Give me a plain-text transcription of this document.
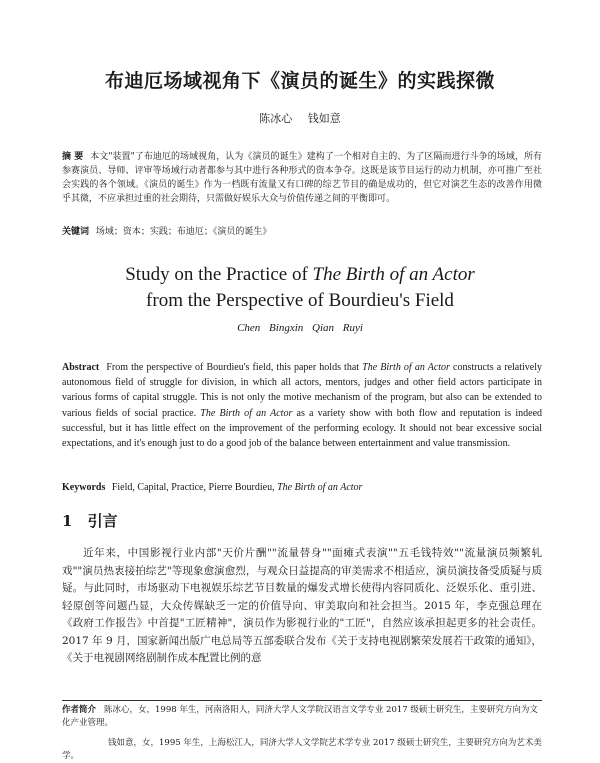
布迪厄场域视角下《演员的诞生》的实践探微
陈冰心 钱如意
摘 要 本文"装置"了布迪厄的场域视角，认为《演员的诞生》建构了一个相对自主的、为了区隔而进行斗争的场域，所有参赛演员、导师、评审等场域行动者都参与其中进行各种形式的资本争夺。这既是该节目运行的动力机制，亦可推广至社会实践的各个领域。《演员的诞生》作为一档既有流量又有口碑的综艺节目的确是成功的，但它对演艺生态的改善作用微乎其微，不应承担过重的社会期待，只需做好娱乐大众与价值传递之间的平衡即可。
关键词 场域；资本；实践；布迪厄；《演员的诞生》
Study on the Practice of The Birth of an Actor
from the Perspective of Bourdieu's Field
Chen Bingxin Qian Ruyi
Abstract From the perspective of Bourdieu's field, this paper holds that The Birth of an Actor constructs a relatively autonomous field of struggle for division, in which all actors, mentors, judges and other field actors participate in various forms of capital struggle. This is not only the motive mechanism of the program, but also can be extended to various fields of social practice. The Birth of an Actor as a variety show with both flow and reputation is indeed successful, but it has little effect on the improvement of the performing ecology. It should not bear excessive social expectations, and it's enough just to do a good job of the balance between entertainment and value transmission.
Keywords Field, Capital, Practice, Pierre Bourdieu, The Birth of an Actor
1 引言
近年来，中国影视行业内部"天价片酬""流量替身""面瘫式表演""五毛钱特效""流量演员频繁轧戏""演员热衷接拍综艺"等现象愈演愈烈，与观众日益提高的审美需求不相适应，演员演技备受质疑与质疑。与此同时，市场驱动下电视娱乐综艺节目数量的爆发式增长使得内容同质化、泛娱乐化、重引进、轻原创等问题凸显，大众传媒缺乏一定的价值导向、审美取向和社会担当。2015 年，李克强总理在《政府工作报告》中首提"工匠精神"，演员作为影视行业的"工匠"，自然应该承担起更多的社会责任。2017 年 9 月，国家新闻出版广电总局等五部委联合发布《关于支持电视剧繁荣发展若干政策的通知》，《关于电视剧网络剧制作成本配置比例的意
作者简介 陈冰心，女，1998 年生，河南洛阳人，同济大学人文学院汉语言文学专业 2017 级硕士研究生，主要研究方向为文化产业管理。
钱如意，女，1995 年生，上海松江人，同济大学人文学院艺术学专业 2017 级硕士研究生，主要研究方向为艺术美学。
